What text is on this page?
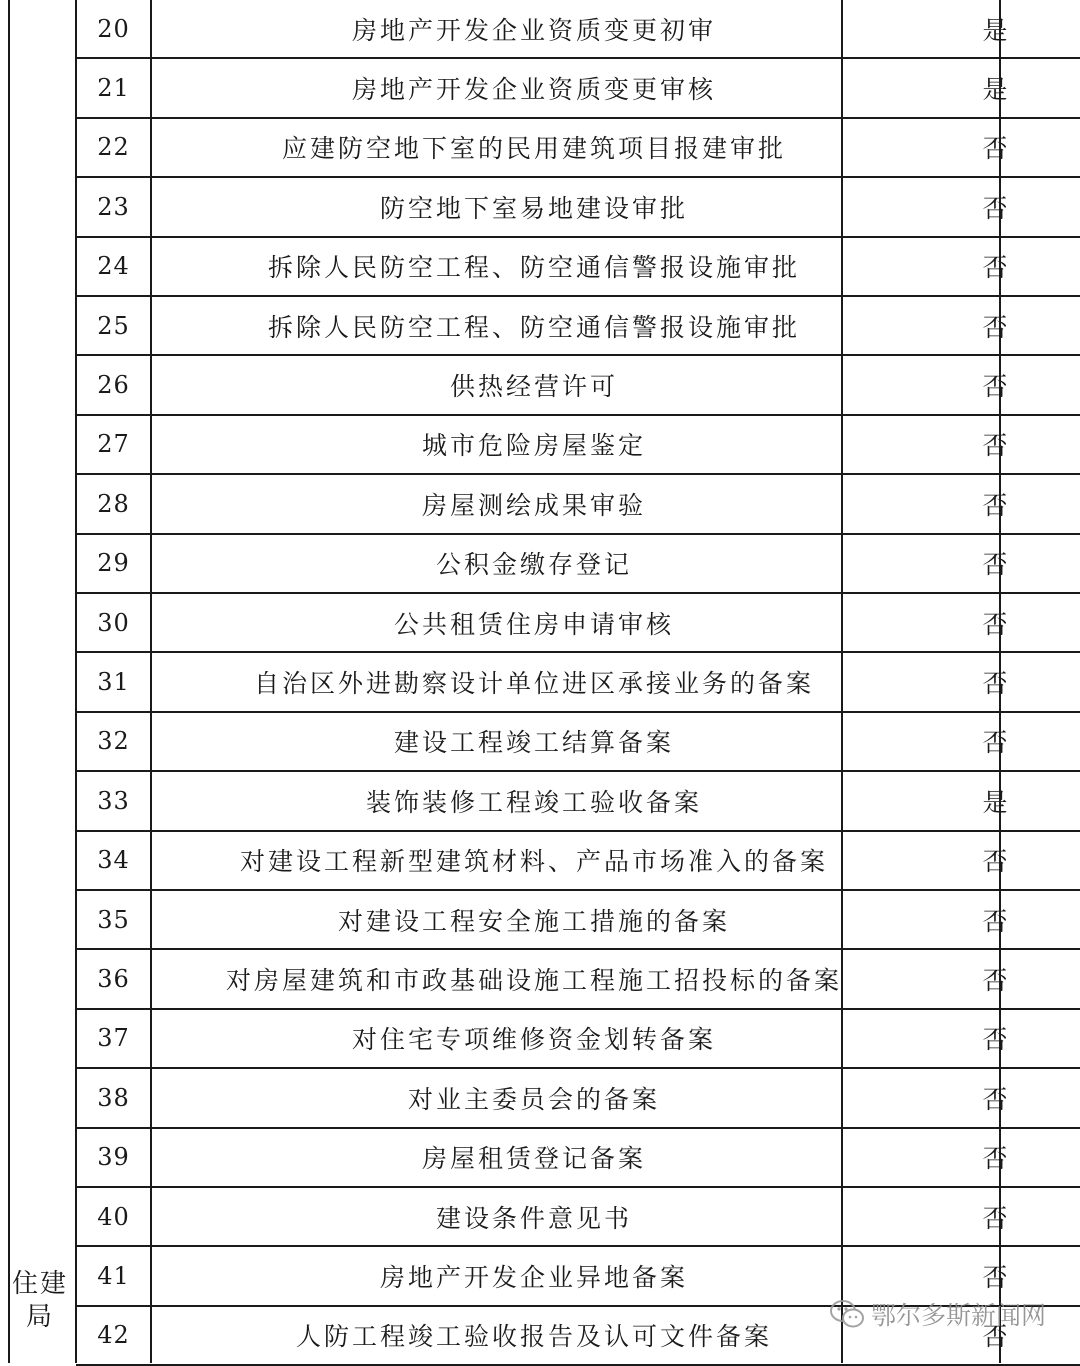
20	房地产开发企业资质变更初审	是
21	房地产开发企业资质变更审核	是
22	应建防空地下室的民用建筑项目报建审批	否
23	防空地下室易地建设审批	否
24	拆除人民防空工程、防空通信警报设施审批	否
25	拆除人民防空工程、防空通信警报设施审批	否
26	供热经营许可	否
27	城市危险房屋鉴定	否
28	房屋测绘成果审验	否
29	公积金缴存登记	否
30	公共租赁住房申请审核	否
31	自治区外进勘察设计单位进区承接业务的备案	否
32	建设工程竣工结算备案	否
33	装饰装修工程竣工验收备案	是
34	对建设工程新型建筑材料、产品市场准入的备案	否
35	对建设工程安全施工措施的备案	否
36	对房屋建筑和市政基础设施工程施工招投标的备案	否
37	对住宅专项维修资金划转备案	否
38	对业主委员会的备案	否
39	房屋租赁登记备案	否
40	建设条件意见书	否
41	房地产开发企业异地备案	否
42	人防工程竣工验收报告及认可文件备案	否
住建
局	鄂尔多斯新闻网
